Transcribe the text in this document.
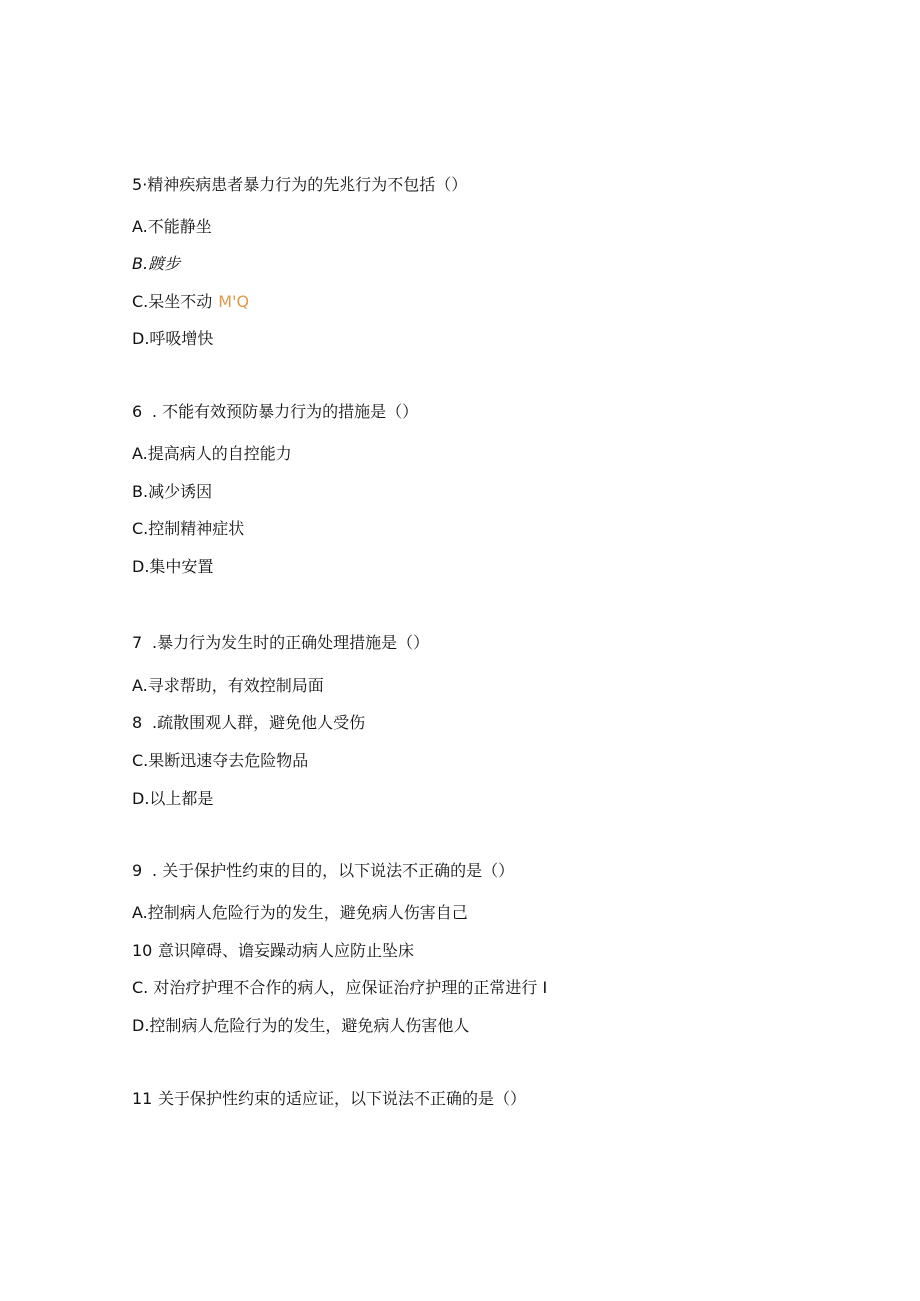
5·精神疾病患者暴力行为的先兆行为不包括（）
A.不能静坐
B.踱步
C.呆坐不动 M'Q
D.呼吸增快
6 . 不能有效预防暴力行为的措施是（）
A.提高病人的自控能力
B.减少诱因
C.控制精神症状
D.集中安置
7 .暴力行为发生时的正确处理措施是（）
A.寻求帮助，有效控制局面
8 .疏散围观人群，避免他人受伤
C.果断迅速夺去危险物品
D.以上都是
9 . 关于保护性约束的目的，以下说法不正确的是（）
A.控制病人危险行为的发生，避免病人伤害自己
10 意识障碍、谵妄躁动病人应防止坠床
C. 对治疗护理不合作的病人，应保证治疗护理的正常进行 I
D.控制病人危险行为的发生，避免病人伤害他人
11 关于保护性约束的适应证，以下说法不正确的是（）
